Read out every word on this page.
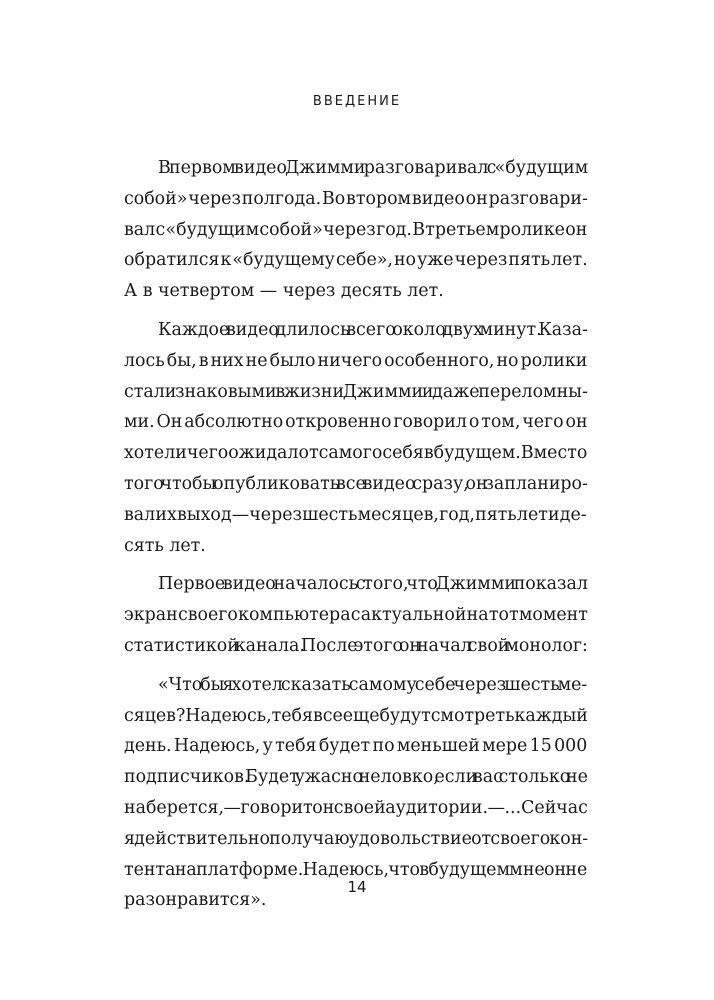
ВВЕДЕНИЕ
В первом видео Джимми разговаривал с «будущим
собой» через полгода. Во втором видео он разговари-
вал с «будущим собой» через год. В третьем ролике он
обратился к «будущему себе», но уже через пять лет.
А в четвертом — через десять лет.
Каждое видео длилось всего около двух минут. Каза-
лось бы, в них не было ничего особенного, но ролики
стали знаковыми в жизни Джимми и даже переломны-
ми. Он абсолютно откровенно говорил о том, чего он
хотел и чего ожидал от самого себя в будущем. Вместо
того чтобы опубликовать все видео сразу, он запланиро-
вал их выход — через шесть месяцев, год, пять лет и де-
сять лет.
Первое видео началось с того, что Джимми показал
экран своего компьютера с актуальной на тот момент
статистикой канала. После этого он начал свой монолог:
«Что бы я хотел сказать самому себе через шесть ме-
сяцев? Надеюсь, тебя все еще будут смотреть каждый
день. Надеюсь, у тебя будет по меньшей мере 15 000
подписчиков. Будет ужасно неловко, если вас столько не
наберется, — говорит он своей аудитории. — ...Сейчас
я действительно получаю удовольствие от своего кон-
тента на платформе. Надеюсь, что в будущем мне он не
разонравится».
14
